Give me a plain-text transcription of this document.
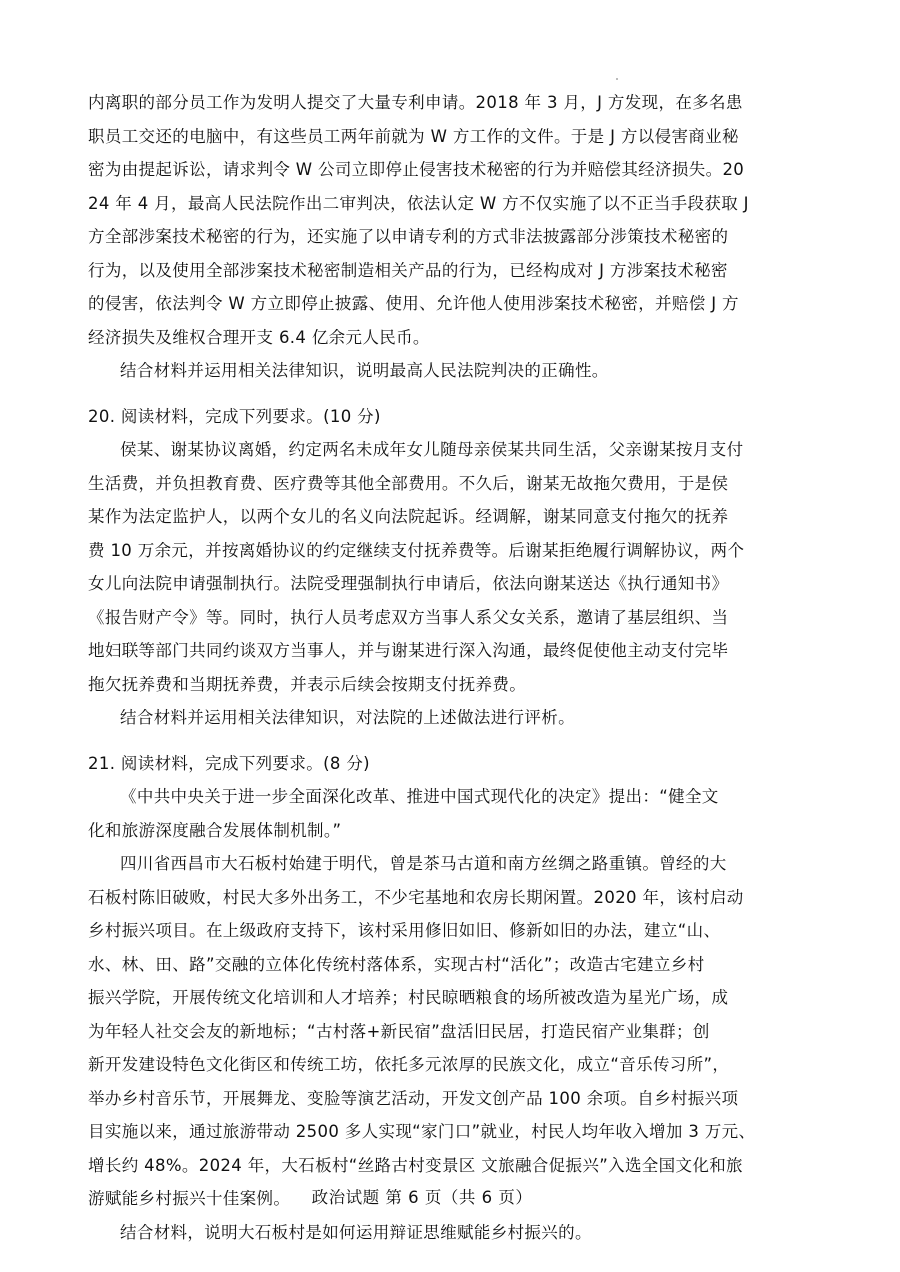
内离职的部分员工作为发明人提交了大量专利申请。2018 年 3 月，J 方发现，在多名患
职员工交还的电脑中，有这些员工两年前就为 W 方工作的文件。于是 J 方以侵害商业秘
密为由提起诉讼，请求判令 W 公司立即停止侵害技术秘密的行为并赔偿其经济损失。20
24 年 4 月，最高人民法院作出二审判决，依法认定 W 方不仅实施了以不正当手段获取 J
方全部涉案技术秘密的行为，还实施了以申请专利的方式非法披露部分涉策技术秘密的
行为，以及使用全部涉案技术秘密制造相关产品的行为，已经构成对 J 方涉案技术秘密
的侵害，依法判令 W 方立即停止披露、使用、允许他人使用涉案技术秘密，并赔偿 J 方
经济损失及维权合理开支 6.4 亿余元人民币。
结合材料并运用相关法律知识，说明最高人民法院判决的正确性。
20. 阅读材料，完成下列要求。(10 分)
侯某、谢某协议离婚，约定两名未成年女儿随母亲侯某共同生活，父亲谢某按月支付
生活费，并负担教育费、医疗费等其他全部费用。不久后，谢某无故拖欠费用，于是侯
某作为法定监护人，以两个女儿的名义向法院起诉。经调解，谢某同意支付拖欠的抚养
费 10 万余元，并按离婚协议的约定继续支付抚养费等。后谢某拒绝履行调解协议，两个
女儿向法院申请强制执行。法院受理强制执行申请后，依法向谢某送达《执行通知书》
《报告财产令》等。同时，执行人员考虑双方当事人系父女关系，邀请了基层组织、当
地妇联等部门共同约谈双方当事人，并与谢某进行深入沟通，最终促使他主动支付完毕
拖欠抚养费和当期抚养费，并表示后续会按期支付抚养费。
结合材料并运用相关法律知识，对法院的上述做法进行评析。
21. 阅读材料，完成下列要求。(8 分)
《中共中央关于进一步全面深化改革、推进中国式现代化的决定》提出：“健全文
化和旅游深度融合发展体制机制。”
四川省西昌市大石板村始建于明代，曾是茶马古道和南方丝绸之路重镇。曾经的大
石板村陈旧破败，村民大多外出务工，不少宅基地和农房长期闲置。2020 年，该村启动
乡村振兴项目。在上级政府支持下，该村采用修旧如旧、修新如旧的办法，建立“山、
水、林、田、路”交融的立体化传统村落体系，实现古村“活化”；改造古宅建立乡村
振兴学院，开展传统文化培训和人才培养；村民晾晒粮食的场所被改造为星光广场，成
为年轻人社交会友的新地标；“古村落+新民宿”盘活旧民居，打造民宿产业集群；创
新开发建设特色文化街区和传统工坊，依托多元浓厚的民族文化，成立“音乐传习所”，
举办乡村音乐节，开展舞龙、变脸等演艺活动，开发文创产品 100 余项。自乡村振兴项
目实施以来，通过旅游带动 2500 多人实现“家门口”就业，村民人均年收入增加 3 万元、
增长约 48%。2024 年，大石板村“丝路古村变景区 文旅融合促振兴”入选全国文化和旅
游赋能乡村振兴十佳案例。
结合材料，说明大石板村是如何运用辩证思维赋能乡村振兴的。
政治试题 第 6 页（共 6 页）
